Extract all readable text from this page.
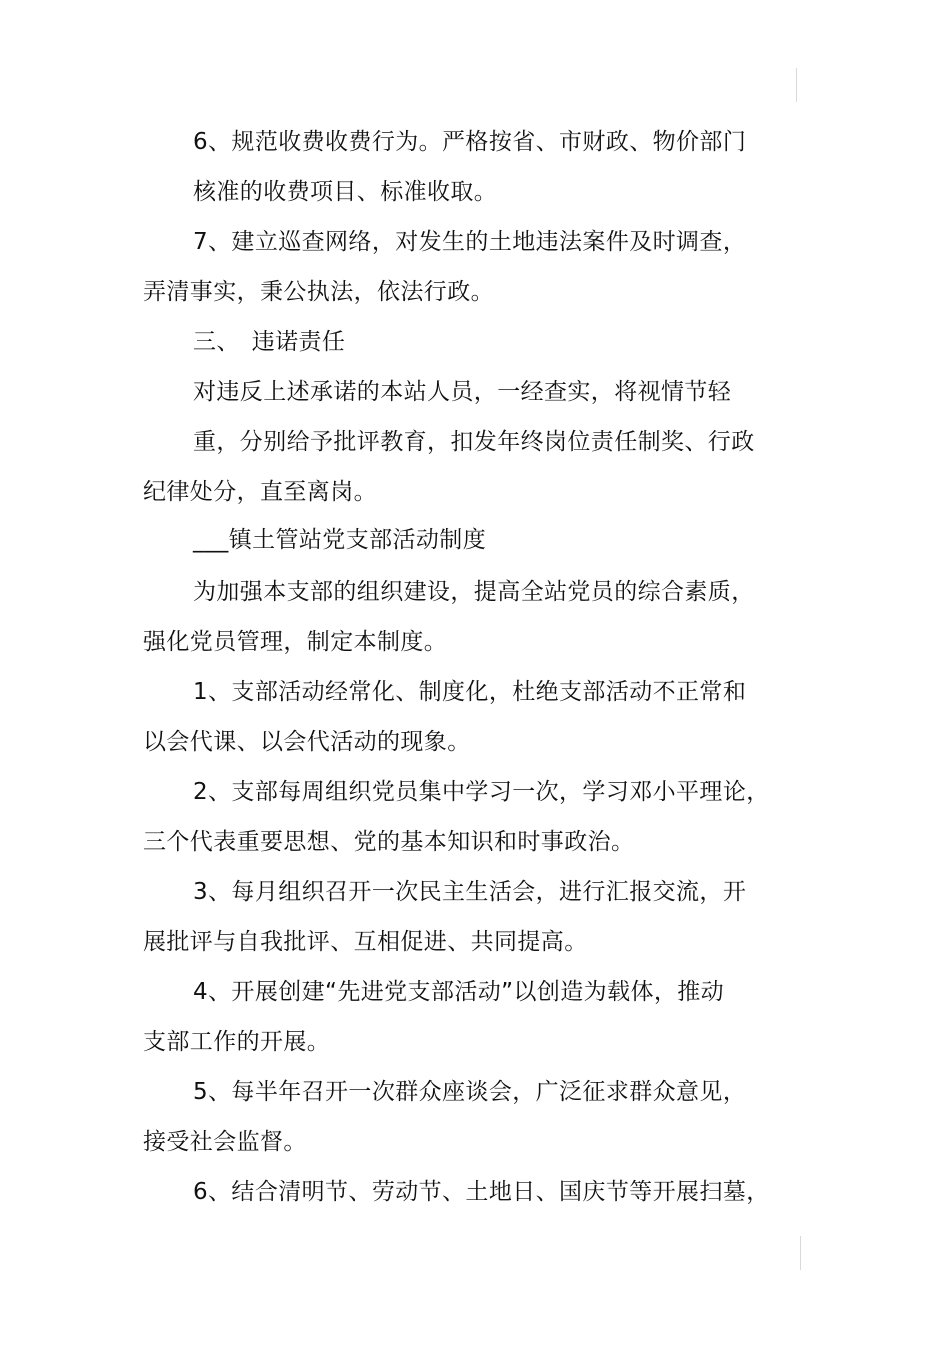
6、规范收费收费行为。严格按省、市财政、物价部门

核准的收费项目、标准收取。

7、建立巡查网络，对发生的土地违法案件及时调查，

弄清事实，秉公执法，依法行政。

三、　违诺责任

对违反上述承诺的本站人员，一经查实，将视情节轻

重，分别给予批评教育，扣发年终岗位责任制奖、行政

纪律处分，直至离岗。

___镇土管站党支部活动制度

为加强本支部的组织建设，提高全站党员的综合素质，

强化党员管理，制定本制度。

1、支部活动经常化、制度化，杜绝支部活动不正常和

以会代课、以会代活动的现象。

2、支部每周组织党员集中学习一次，学习邓小平理论，

三个代表重要思想、党的基本知识和时事政治。

3、每月组织召开一次民主生活会，进行汇报交流，开

展批评与自我批评、互相促进、共同提高。

4、开展创建“先进党支部活动”以创造为载体，推动

支部工作的开展。

5、每半年召开一次群众座谈会，广泛征求群众意见，

接受社会监督。

6、结合清明节、劳动节、土地日、国庆节等开展扫墓，
